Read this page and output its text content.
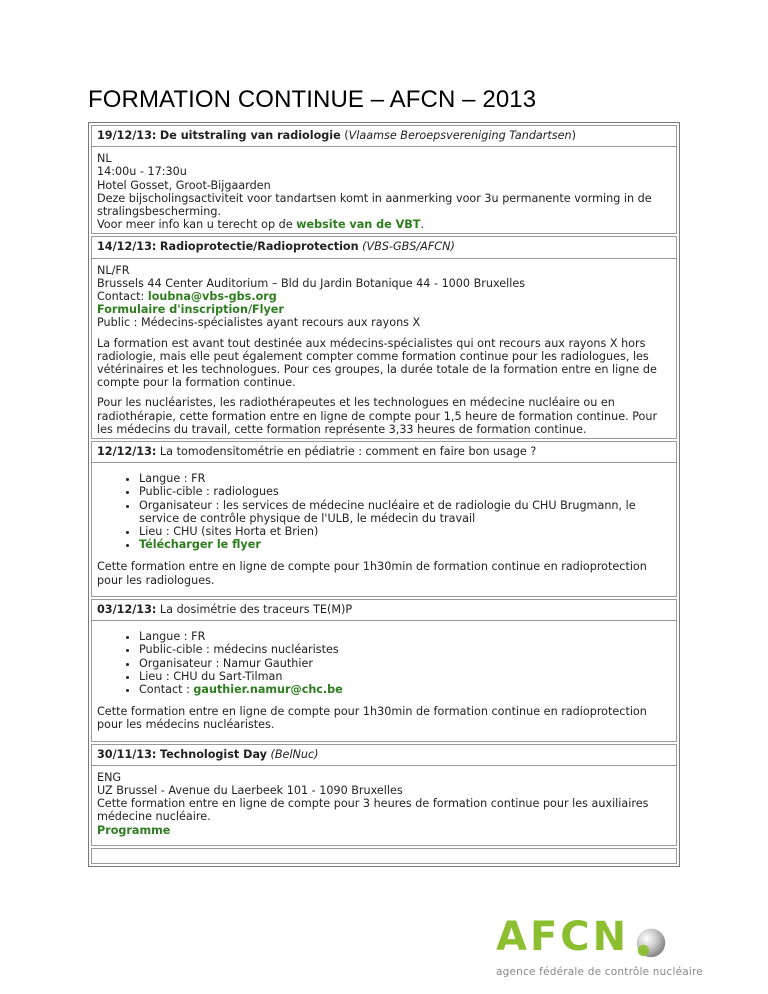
FORMATION CONTINUE – AFCN – 2013
19/12/13: De uitstraling van radiologie (Vlaamse Beroepsvereniging Tandartsen)

NL

14:00u - 17:30u

Hotel Gosset, Groot-Bijgaarden

Deze bijscholingsactiviteit voor tandartsen komt in aanmerking voor 3u permanente vorming in de stralingsbescherming.

Voor meer info kan u terecht op de website van de VBT.

14/12/13: Radioprotectie/Radioprotection (VBS-GBS/AFCN)

NL/FR

Brussels 44 Center Auditorium – Bld du Jardin Botanique 44 - 1000 Bruxelles

Contact: loubna@vbs-gbs.org

Formulaire d'inscription/Flyer

Public : Médecins-spécialistes ayant recours aux rayons X

La formation est avant tout destinée aux médecins-spécialistes qui ont recours aux rayons X hors radiologie, mais elle peut également compter comme formation continue pour les radiologues, les vétérinaires et les technologues. Pour ces groupes, la durée totale de la formation entre en ligne de compte pour la formation continue.

Pour les nucléaristes, les radiothérapeutes et les technologues en médecine nucléaire ou en radiothérapie, cette formation entre en ligne de compte pour 1,5 heure de formation continue. Pour les médecins du travail, cette formation représente 3,33 heures de formation continue.

12/12/13: La tomodensitométrie en pédiatrie : comment en faire bon usage ?
• Langue : FR
• Public-cible : radiologues
• Organisateur : les services de médecine nucléaire et de radiologie du CHU Brugmann, le service de contrôle physique de l'ULB, le médecin du travail
• Lieu : CHU (sites Horta et Brien)
• Télécharger le flyer

Cette formation entre en ligne de compte pour 1h30min de formation continue en radioprotection pour les radiologues.

03/12/13: La dosimétrie des traceurs TE(M)P
• Langue : FR
• Public-cible : médecins nucléaristes
• Organisateur : Namur Gauthier
• Lieu : CHU du Sart-Tilman
• Contact : gauthier.namur@chc.be

Cette formation entre en ligne de compte pour 1h30min de formation continue en radioprotection pour les médecins nucléaristes.

30/11/13: Technologist Day (BelNuc)

ENG

UZ Brussel - Avenue du Laerbeek 101 - 1090 Bruxelles

Cette formation entre en ligne de compte pour 3 heures de formation continue pour les auxiliaires médecine nucléaire.

Programme

AFCN
agence fédérale de contrôle nucléaire
